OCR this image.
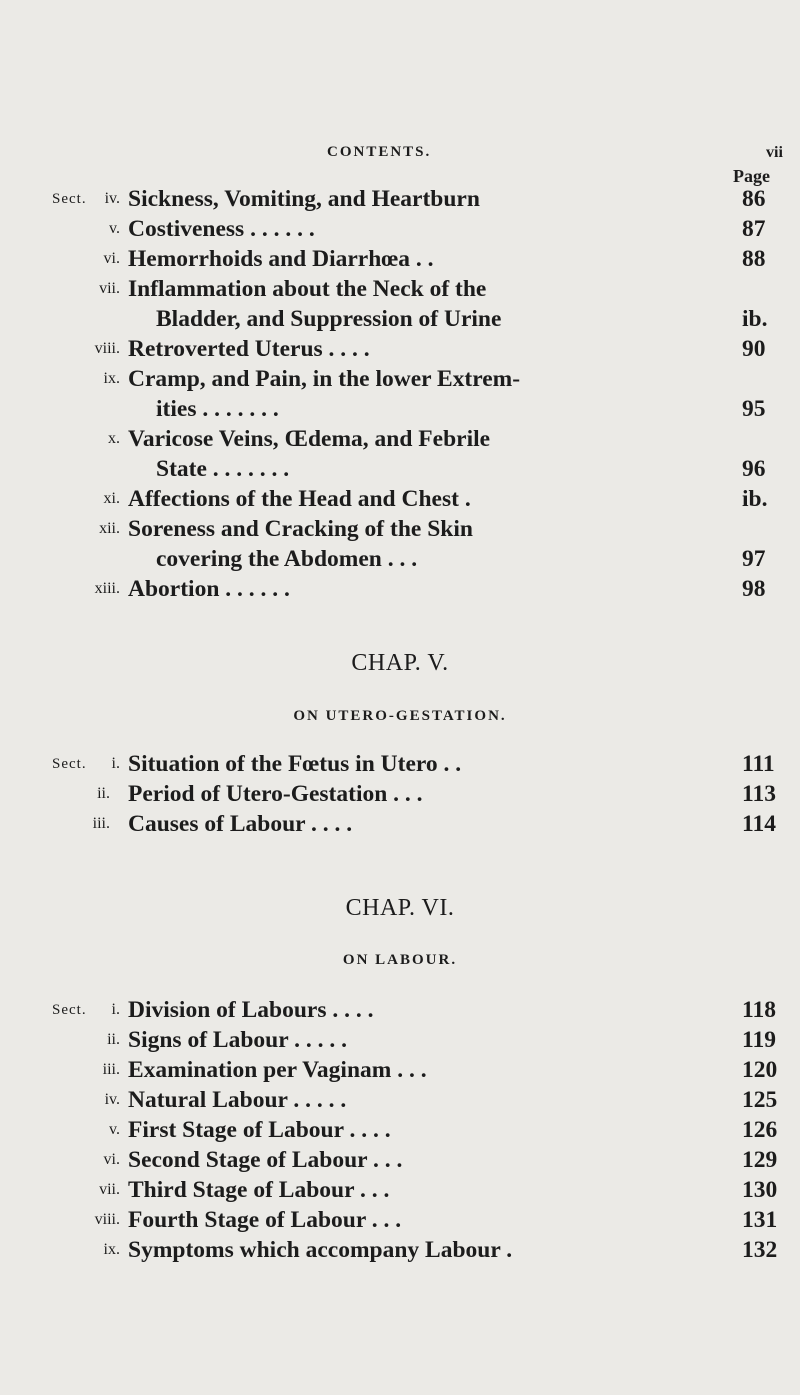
CONTENTS.	vii
Page
Sect.	iv. Sickness, Vomiting, and Heartburn	86
v. Costiveness . . . . . .	87
vi. Hemorrhoids and Diarrhœa . .	88
vii. Inflammation about the Neck of the
Bladder, and Suppression of Urine	ib.
viii. Retroverted Uterus . . . .	90
ix. Cramp, and Pain, in the lower Extrem-
ities . . . . . . .	95
x. Varicose Veins, Œdema, and Febrile
State . . . . . . .	96
xi. Affections of the Head and Chest .	ib.
xii. Soreness and Cracking of the Skin
covering the Abdomen . . .	97
xiii. Abortion . . . . . .	98
CHAP. V.
ON UTERO-GESTATION.
Sect.	i. Situation of the Fœtus in Utero . .	111
ii. Period of Utero-Gestation . . .	113
iii. Causes of Labour . . . .	114
CHAP. VI.
ON LABOUR.
Sect.	i. Division of Labours . . . .	118
ii. Signs of Labour . . . . .	119
iii. Examination per Vaginam . . .	120
iv. Natural Labour . . . . .	125
v. First Stage of Labour . . . .	126
vi. Second Stage of Labour . . .	129
vii. Third Stage of Labour . . .	130
viii. Fourth Stage of Labour . . .	131
ix. Symptoms which accompany Labour .	132
